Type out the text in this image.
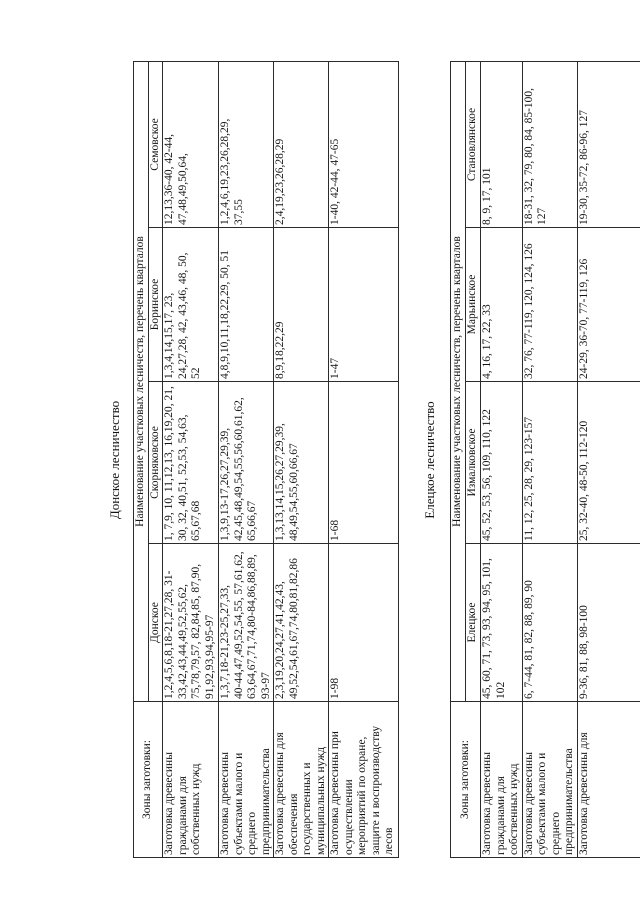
Донское лесничество
Зоны заготовки:	Наименование участковых лесничеств, перечень кварталов			
	Донское	Скорняковское	Боринское	Семовское
Заготовка древесины
гражданами для
собственных нужд	1,2,4,5,6,8,18-21,27,28, 31-
33,42,43,44,49,52,55,62,
75,78,79,57, 82,84,85, 87,90,
91,92,93,94,95-97	1, 7,9, 10, 11,12,13, 16,19,20, 21,
30, 32, 40,51, 52,53, 54,63,
65,67,68	1,3,4,14,15,17, 23,
24,27,28, 42, 43,46, 48, 50,
52	12,13,36-40, 42-44,
47,48,49,50,64,
Заготовка древесины
субъектами малого и
среднего
предпринимательства	1,3,7,18-21,23-25,27,33,
40-44,47,49,52,54,55, 57,61,62,
63,64,67,71,74,80-84,86,88,89,
93-97	1,3,9,13-17,26,27,29,39,
42,45,48,49,54,55,56,60,61,62,
65,66,67	4,8,9,10,11,18,22,29, 50, 51	1,2,4,6,19,23,26,28,29,
37,55
Заготовка древесины для
обеспечения
государственных и
муниципальных нужд	2,3,19,20,24,27,41,42,43,
49,52,54,61,67,74,80,81,82,86	1,3,13,14,15,26,27,29,39,
48,49,54,55,60,66,67	8,9,18,22,29	2,4,19,23,26,28,29
Заготовка древесины при
осуществлении
мероприятий по охране,
защите и воспроизводству
лесов	1-98	1-68	1-47	1-40, 42-44, 47-65
Елецкое лесничество
Зоны заготовки:	Наименование участковых лесничеств, перечень кварталов			
	Елецкое	Измалковское	Марьинское	Становлянское
Заготовка древесины
гражданами для
собственных нужд	45, 60, 71, 73, 93, 94, 95, 101,
102	45, 52, 53, 56, 109, 110, 122	4, 16, 17, 22, 33	8, 9, 17, 101
Заготовка древесины
субъектами малого и
среднего
предпринимательства	6, 7-44, 81, 82, 88, 89, 90	11, 12, 25, 28, 29, 123-157	32, 76, 77-119, 120, 124, 126	18-31, 32, 79, 80, 84, 85-100,
127
Заготовка древесины для	9-36, 81, 88, 98-100	25, 32-40, 48-50, 112-120	24-29, 36-70, 77-119, 126	19-30, 35-72, 86-96, 127
